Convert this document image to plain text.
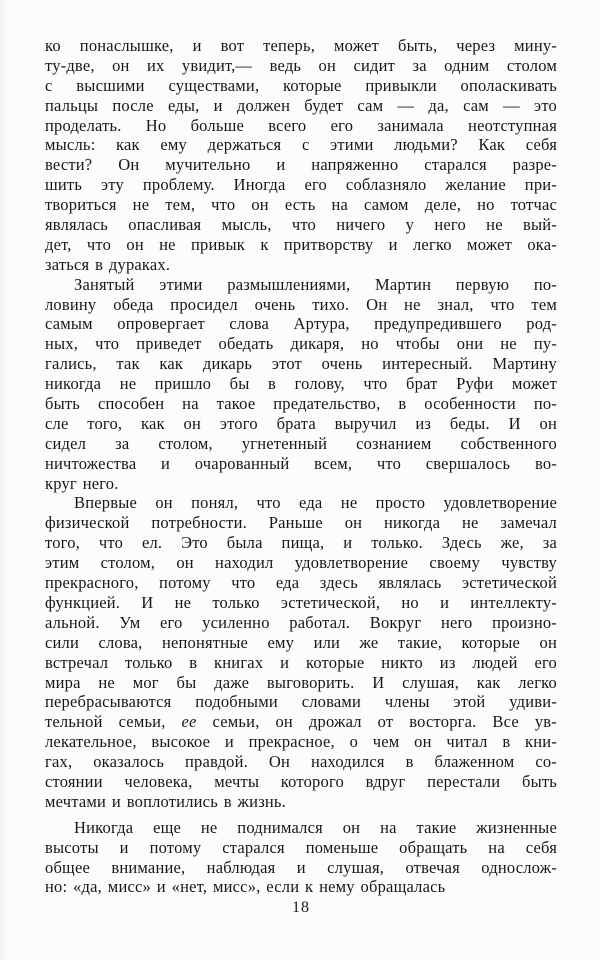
ко понаслышке, и вот теперь, может быть, через мину-
ту-две, он их увидит,— ведь он сидит за одним столом
с высшими существами, которые привыкли ополаскивать
пальцы после еды, и должен будет сам — да, сам — это
проделать. Но больше всего его занимала неотступная
мысль: как ему держаться с этими людьми? Как себя
вести? Он мучительно и напряженно старался разре-
шить эту проблему. Иногда его соблазняло желание при-
твориться не тем, что он есть на самом деле, но тотчас
являлась опасливая мысль, что ничего у него не вый-
дет, что он не привык к притворству и легко может ока-
заться в дураках.
Занятый этими размышлениями, Мартин первую по-
ловину обеда просидел очень тихо. Он не знал, что тем
самым опровергает слова Артура, предупредившего род-
ных, что приведет обедать дикаря, но чтобы они не пу-
гались, так как дикарь этот очень интересный. Мартину
никогда не пришло бы в голову, что брат Руфи может
быть способен на такое предательство, в особенности по-
сле того, как он этого брата выручил из беды. И он
сидел за столом, угнетенный сознанием собственного
ничтожества и очарованный всем, что свершалось во-
круг него.
Впервые он понял, что еда не просто удовлетворение
физической потребности. Раньше он никогда не замечал
того, что ел. Это была пища, и только. Здесь же, за
этим столом, он находил удовлетворение своему чувству
прекрасного, потому что еда здесь являлась эстетической
функцией. И не только эстетической, но и интеллекту-
альной. Ум его усиленно работал. Вокруг него произно-
сили слова, непонятные ему или же такие, которые он
встречал только в книгах и которые никто из людей его
мира не мог бы даже выговорить. И слушая, как легко
перебрасываются подобными словами члены этой удиви-
тельной семьи, ее семьи, он дрожал от восторга. Все ув-
лекательное, высокое и прекрасное, о чем он читал в кни-
гах, оказалось правдой. Он находился в блаженном со-
стоянии человека, мечты которого вдруг перестали быть
мечтами и воплотились в жизнь.
Никогда еще не поднимался он на такие жизненные
высоты и потому старался поменьше обращать на себя
общее внимание, наблюдая и слушая, отвечая однослож-
но: «да, мисс» и «нет, мисс», если к нему обращалась
18
